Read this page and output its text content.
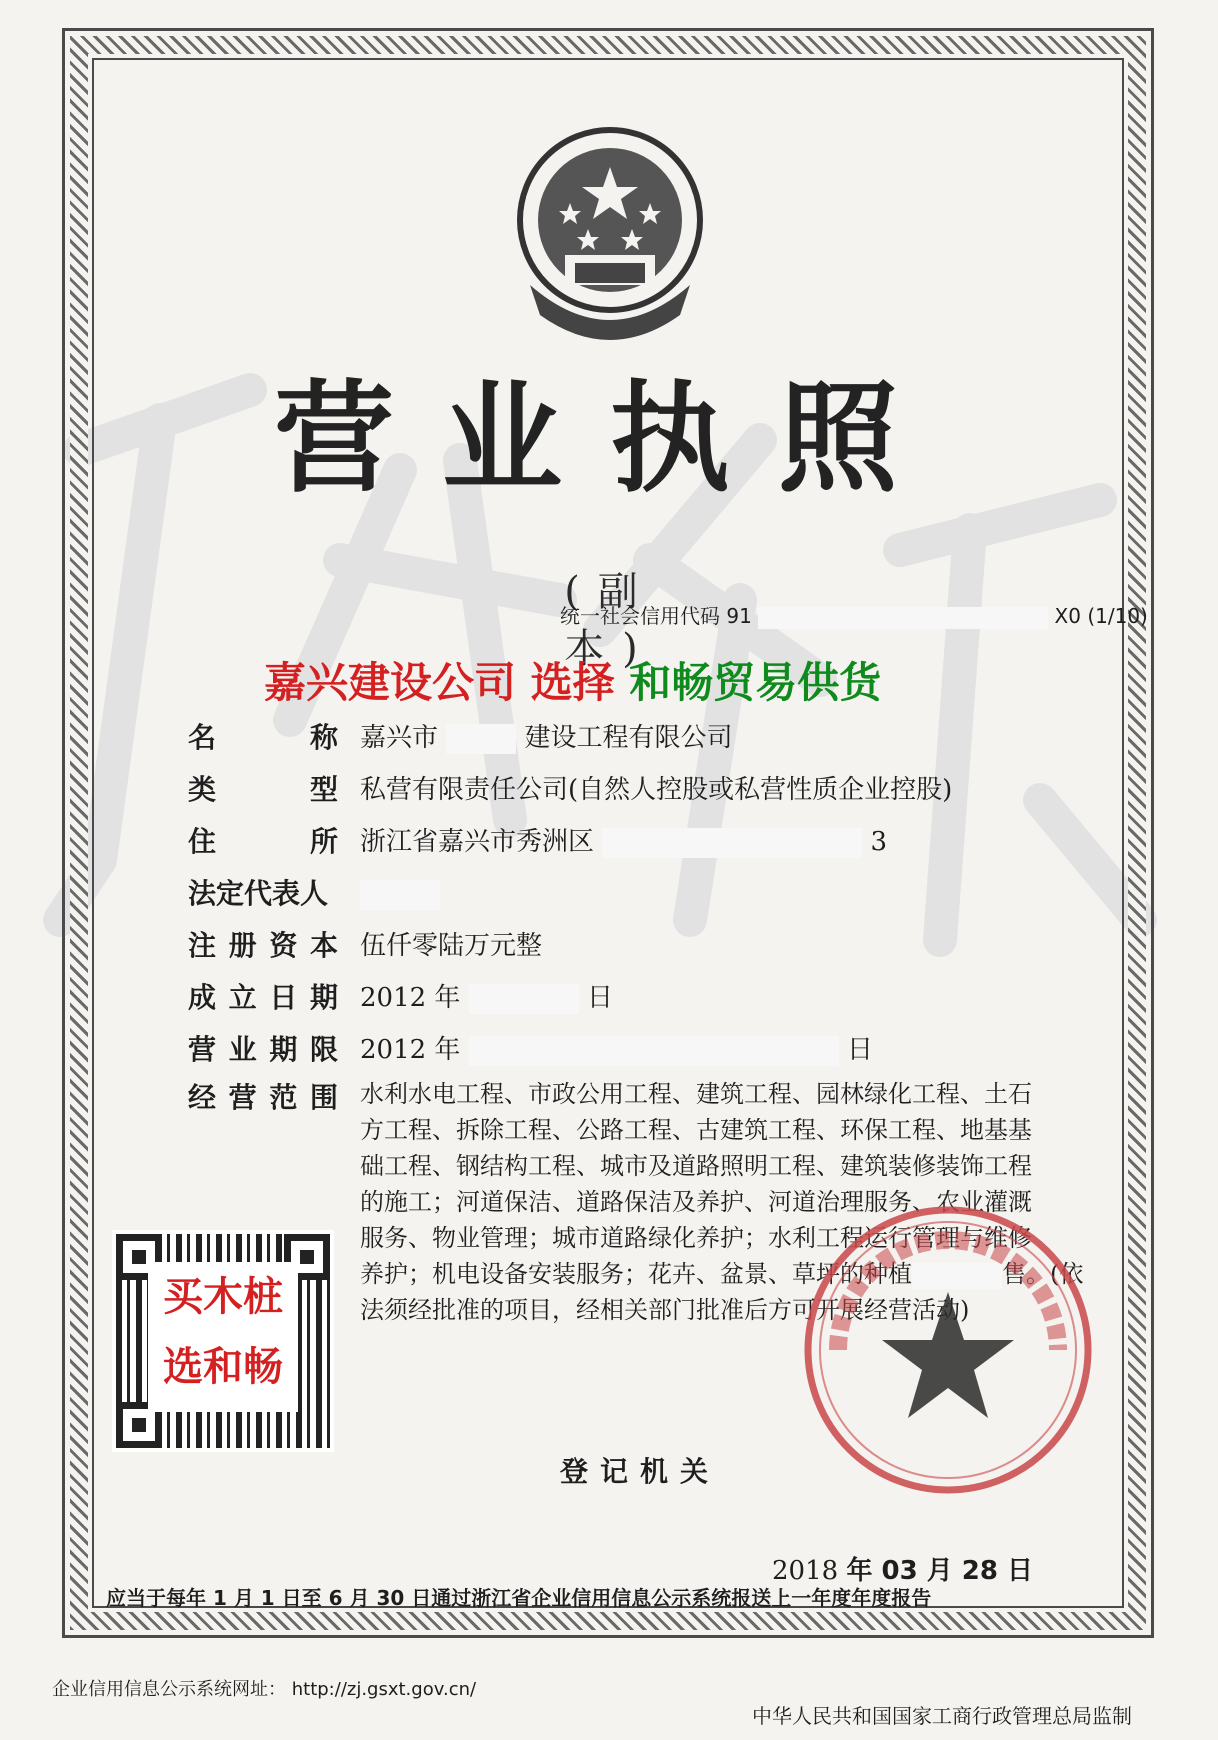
营业执照
(副本)
统一社会信用代码 91	X0 (1/10)
嘉兴建设公司 选择 和畅贸易供货
名	称 嘉兴市	建设工程有限公司
类	型 私营有限责任公司(自然人控股或私营性质企业控股)
住	所 浙江省嘉兴市秀洲区	3
法定代表人
注 册 资 本 伍仟零陆万元整
成 立 日 期 2012 年	日
营 业 期 限 2012 年	日
经 营 范 围 水利水电工程、市政公用工程、建筑工程、园林绿化工程、土石
方工程、拆除工程、公路工程、古建筑工程、环保工程、地基基
础工程、钢结构工程、城市及道路照明工程、建筑装修装饰工程
的施工；河道保洁、道路保洁及养护、河道治理服务、农业灌溉
服务、物业管理；城市道路绿化养护；水利工程运行管理与维修
养护；机电设备安装服务；花卉、盆景、草坪的种植	售。(依
法须经批准的项目，经相关部门批准后方可开展经营活动)
买木桩
选和畅
登记机关
2018 年 03 月 28 日
应当于每年 1 月 1 日至 6 月 30 日通过浙江省企业信用信息公示系统报送上一年度年度报告
企业信用信息公示系统网址： http://zj.gsxt.gov.cn/
中华人民共和国国家工商行政管理总局监制
